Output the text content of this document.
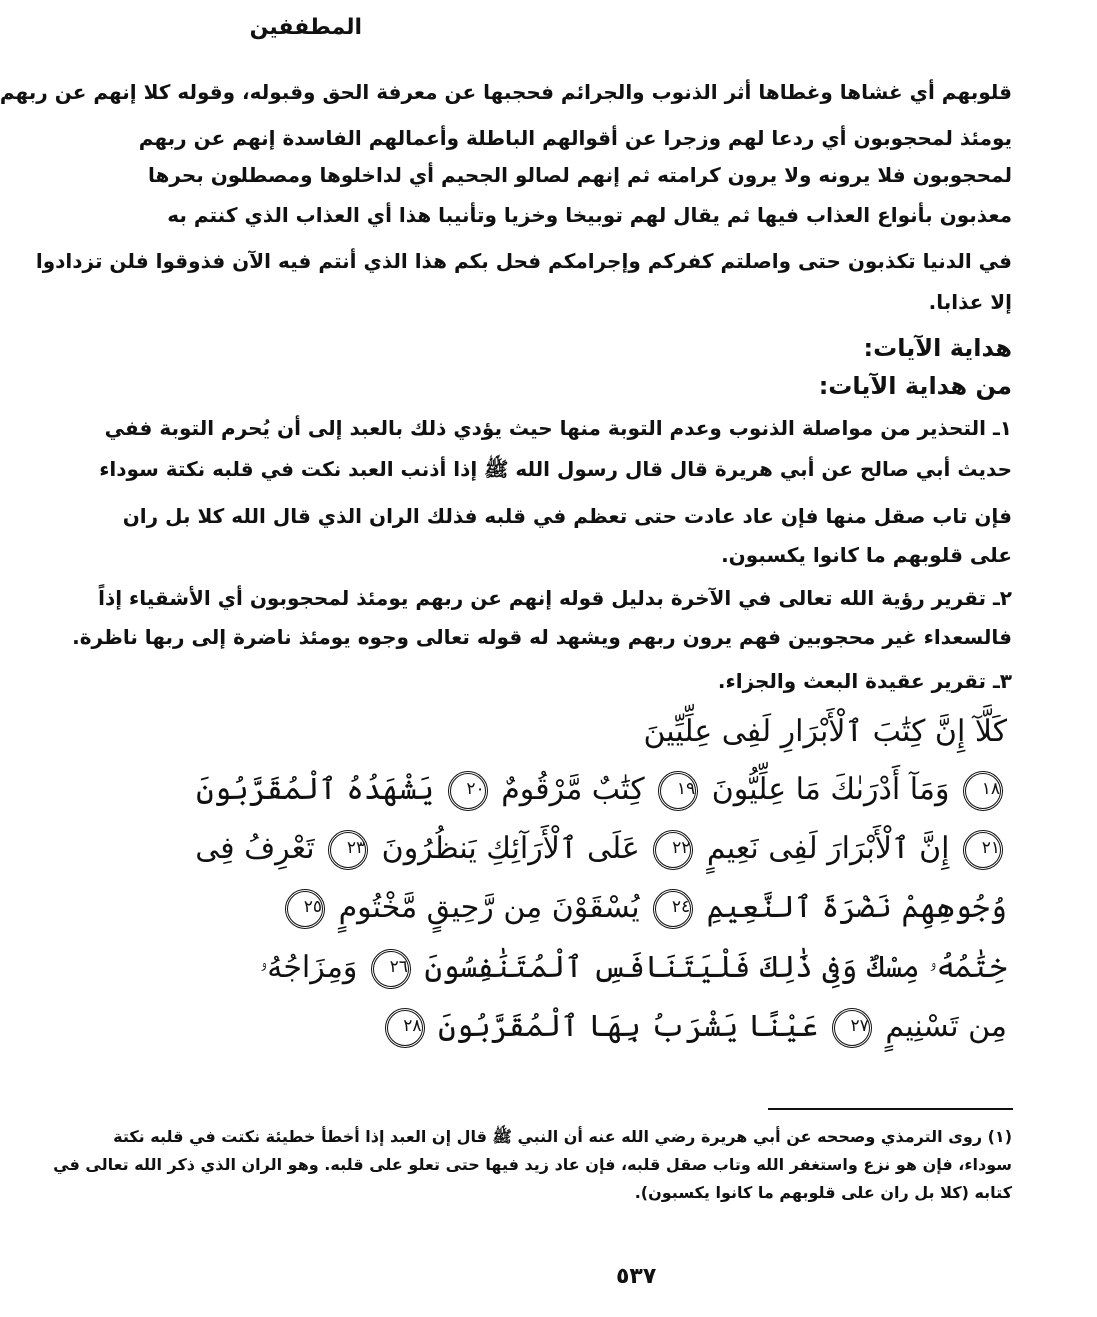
المطففين
قلوبهم أي غشاها وغطاها أثر الذنوب والجرائم فحجبها عن معرفة الحق وقبوله، وقوله كلا إنهم عن ربهم
يومئذ لمحجوبون أي ردعا لهم وزجرا عن أقوالهم الباطلة وأعمالهم الفاسدة إنهم عن ربهم
لمحجوبون فلا يرونه ولا يرون كرامته ثم إنهم لصالو الجحيم أي لداخلوها ومصطلون بحرها
معذبون بأنواع العذاب فيها ثم يقال لهم توبيخا وخزيا وتأنيبا هذا أي العذاب الذي كنتم به
في الدنيا تكذبون حتى واصلتم كفركم وإجرامكم فحل بكم هذا الذي أنتم فيه الآن فذوقوا فلن تزدادوا
إلا عذابا.
هداية الآيات:
من هداية الآيات:
١ـ التحذير من مواصلة الذنوب وعدم التوبة منها حيث يؤدي ذلك بالعبد إلى أن يُحرم التوبة ففي
حديث أبي صالح عن أبي هريرة قال قال رسول الله ﷺ إذا أذنب العبد نكت في قلبه نكتة سوداء
فإن تاب صقل منها فإن عاد عادت حتى تعظم في قلبه فذلك الران الذي قال الله كلا بل ران
على قلوبهم ما كانوا يكسبون.
٢ـ تقرير رؤية الله تعالى في الآخرة بدليل قوله إنهم عن ربهم يومئذ لمحجوبون أي الأشقياء إذاً
فالسعداء غير محجوبين فهم يرون ربهم ويشهد له قوله تعالى وجوه يومئذ ناضرة إلى ربها ناظرة.
٣ـ تقرير عقيدة البعث والجزاء.
كَلَّآ إِنَّ كِتَٰبَ ٱلْأَبْرَارِ لَفِى عِلِّيِّينَ
١٨ وَمَآ أَدْرَىٰكَ مَا عِلِّيُّونَ ١٩ كِتَٰبٌ مَّرْقُومٌ ٢٠ يَشْهَدُهُ ٱلْمُقَرَّبُونَ
٢١ إِنَّ ٱلْأَبْرَارَ لَفِى نَعِيمٍ ٢٢ عَلَى ٱلْأَرَآئِكِ يَنظُرُونَ ٢٣ تَعْرِفُ فِى
وُجُوهِهِمْ نَضْرَةَ ٱلنَّعِيمِ ٢٤ يُسْقَوْنَ مِن رَّحِيقٍ مَّخْتُومٍ ٢٥
خِتَٰمُهُۥ مِسْكٌ وَفِى ذَٰلِكَ فَلْيَتَنَافَسِ ٱلْمُتَنَٰفِسُونَ ٢٦ وَمِزَاجُهُۥ
مِن تَسْنِيمٍ ٢٧ عَيْنًا يَشْرَبُ بِهَا ٱلْمُقَرَّبُونَ ٢٨
(١) روى الترمذي وصححه عن أبي هريرة رضي الله عنه أن النبي ﷺ قال إن العبد إذا أخطأ خطيئة نكتت في قلبه نكتة
سوداء، فإن هو نزع واستغفر الله وتاب صقل قلبه، فإن عاد زيد فيها حتى تعلو على قلبه. وهو الران الذي ذكر الله تعالى في
كتابه (كلا بل ران على قلوبهم ما كانوا يكسبون).
٥٣٧
